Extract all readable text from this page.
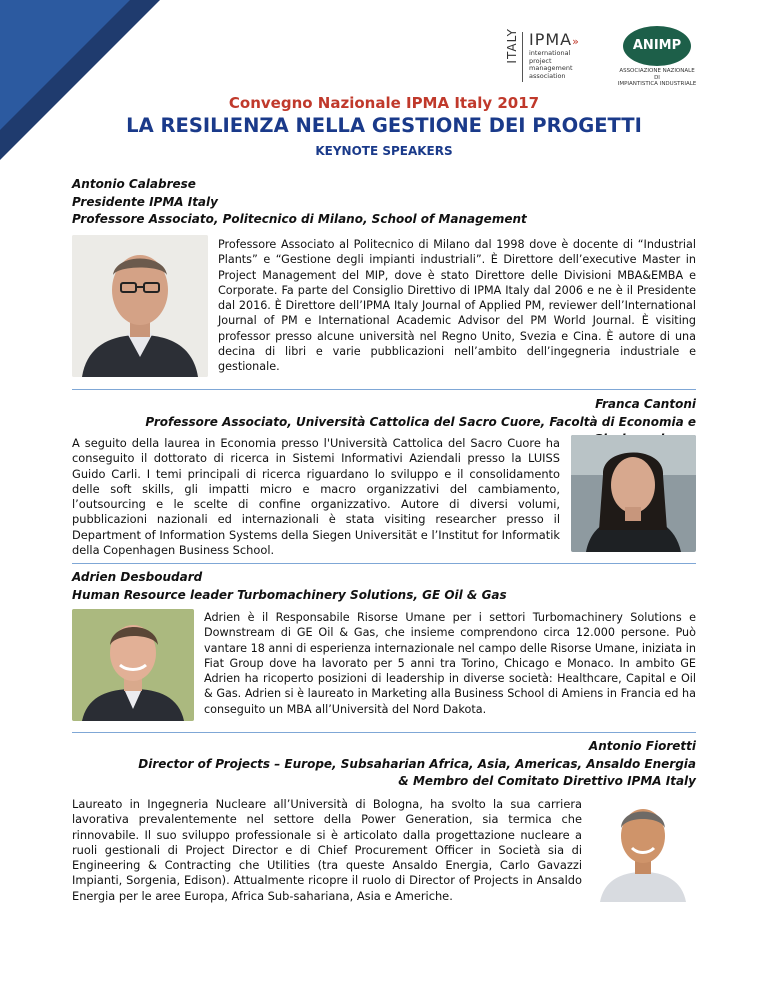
ITALY IPMA»
international
project
management
association
ANIMP
ASSOCIAZIONE NAZIONALE DI
IMPIANTISTICA INDUSTRIALE
Convegno Nazionale IPMA Italy 2017
LA RESILIENZA NELLA GESTIONE DEI PROGETTI
KEYNOTE SPEAKERS
Antonio Calabrese
Presidente IPMA Italy
Professore Associato, Politecnico di Milano, School of Management
Professore Associato al Politecnico di Milano dal 1998 dove è docente di “Industrial Plants” e “Gestione degli impianti industriali”. È Direttore dell’executive Master in Project Management del MIP, dove è stato Direttore delle Divisioni MBA&EMBA e Corporate. Fa parte del Consiglio Direttivo di IPMA Italy dal 2006 e ne è il Presidente dal 2016. È Direttore dell’IPMA Italy Journal of Applied PM, reviewer dell’International Journal of PM e International Academic Advisor del PM World Journal. È visiting professor presso alcune università nel Regno Unito, Svezia e Cina. È autore di una decina di libri e varie pubblicazioni nell’ambito dell’ingegneria industriale e gestionale.
Franca Cantoni
Professore Associato, Università Cattolica del Sacro Cuore, Facoltà di Economia e
A seguito della laurea in Economia presso l'Università Cattolica del Sacro Cuore ha conseguito il dottorato di ricerca in Sistemi Informativi Aziendali presso la LUISS Guido Carli. I temi principali di ricerca riguardano lo sviluppo e il consolidamento delle soft skills, gli impatti micro e macro organizzativi del cambiamento, l’outsourcing e le scelte di confine organizzativo. Autore di diversi volumi, pubblicazioni nazionali ed internazionali è stata visiting researcher presso il Department of Information Systems della Siegen Universität e l’Institut for Informatik della Copenhagen Business School.
Adrien Desboudard
Human Resource leader Turbomachinery Solutions, GE Oil & Gas
Adrien è il Responsabile Risorse Umane per i settori Turbomachinery Solutions e Downstream di GE Oil & Gas, che insieme comprendono circa 12.000 persone. Può vantare 18 anni di esperienza internazionale nel campo delle Risorse Umane, iniziata in Fiat Group dove ha lavorato per 5 anni tra Torino, Chicago e Monaco. In ambito GE Adrien ha ricoperto posizioni di leadership in diverse società: Healthcare, Capital e Oil & Gas. Adrien si è laureato in Marketing alla Business School di Amiens in Francia ed ha conseguito un MBA all’Università del Nord Dakota.
Antonio Fioretti
Director of Projects – Europe, Subsaharian Africa, Asia, Americas, Ansaldo Energia
& Membro del Comitato Direttivo IPMA Italy
Laureato in Ingegneria Nucleare all’Università di Bologna, ha svolto la sua carriera lavorativa prevalentemente nel settore della Power Generation, sia termica che rinnovabile. Il suo sviluppo professionale si è articolato dalla progettazione nucleare a ruoli gestionali di Project Director e di Chief Procurement Officer in Società sia di Engineering & Contracting che Utilities (tra queste Ansaldo Energia, Carlo Gavazzi Impianti, Sorgenia, Edison). Attualmente ricopre il ruolo di Director of Projects in Ansaldo Energia per le aree Europa, Africa Sub-sahariana, Asia e Americhe.
